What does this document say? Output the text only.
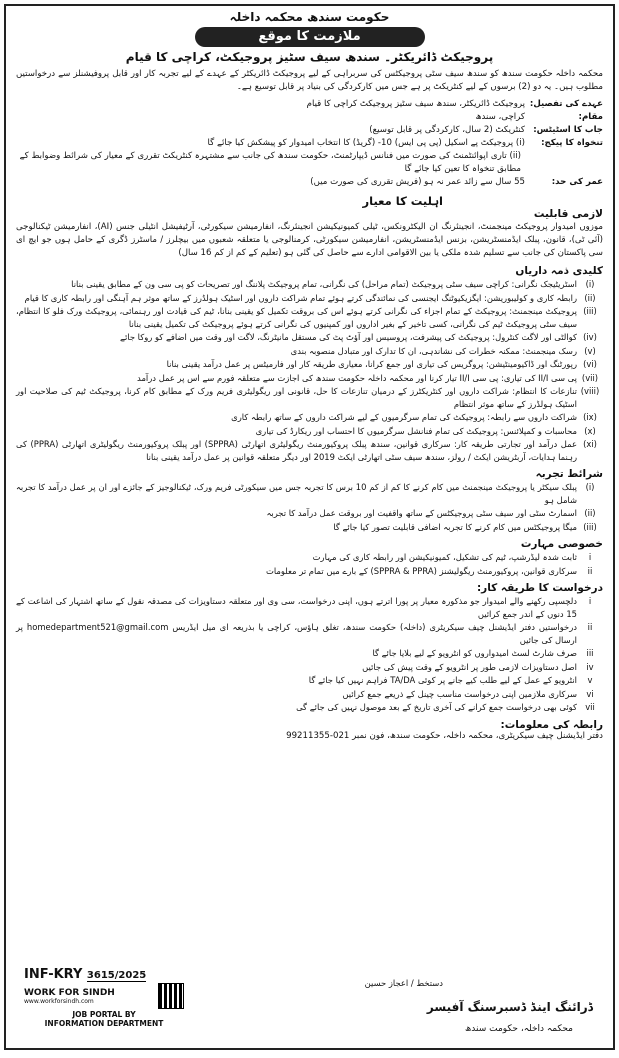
حکومت سندھ محکمہ داخلہ
ملازمت کا موقع
پروجیکٹ ڈائریکٹر۔ سندھ سیف سٹیز پروجیکٹ، کراچی کا قیام
محکمہ داخلہ حکومت سندھ کو سندھ سیف سٹی پروجیکٹس کی سربراہی کے لیے پروجیکٹ ڈائریکٹر کے عہدے کے لیے تجربہ کار اور قابل پروفیشنلز سے درخواستیں مطلوب ہیں۔ یہ دو (2) برسوں کے لیے کنٹریکٹ پر ہے جس میں کارکردگی کی بنیاد پر قابل توسیع ہے۔
عہدے کی تفصیل:
پروجیکٹ ڈائریکٹر، سندھ سیف سٹیز پروجیکٹ کراچی کا قیام
مقام:
کراچی، سندھ
جاب کا اسٹیٹس:
کنٹریکٹ (2 سال، کارکردگی پر قابل توسیع)
تنخواہ کا پیکج:
(i) پروجیکٹ پے اسکیل (پی پی ایس) 10- (گریڈ) کا انتخاب امیدوار کو پیشکش کیا جائے گا
(ii) تاری اپوائنٹمنٹ کی صورت میں فنانس ڈیپارٹمنٹ، حکومت سندھ کی جانب سے مشتہرہ کنٹریکٹ تقرری کے معیار کی شرائط وضوابط کے مطابق تنخواہ کا تعین کیا جائے گا
عمر کی حد:
55 سال سے زائد عمر نہ ہو (فریش تقرری کی صورت میں)
اہلیت کا معیار
لازمی قابلیت
موزوں امیدوار پروجیکٹ مینجمنٹ، انجینئرنگ ان الیکٹرونکس، ٹیلی کمیونیکیشن انجینئرنگ، انفارمیشن سیکورٹی، آرٹیفیشل انٹیلی جنس (AI)، انفارمیشن ٹیکنالوجی (آئی ٹی)، قانون، پبلک ایڈمنسٹریشن، بزنس ایڈمنسٹریشن، انفارمیشن سیکورٹی، کرمنالوجی یا متعلقہ شعبوں میں بیچلرز / ماسٹرز ڈگری کے حامل ہوں جو ایچ ای سی پاکستان کی جانب سے تسلیم شدہ ملکی یا بین الاقوامی ادارے سے حاصل کی گئی ہو (تعلیم کے کم از کم 16 سال)
کلیدی ذمہ داریاں
(i)
اسٹریٹیجک نگرانی: کراچی سیف سٹی پروجیکٹ (تمام مراحل) کی نگرانی، تمام پروجیکٹ پلاننگ اور تصریحات کو پی سی ون کے مطابق یقینی بنانا
(ii)
رابطہ کاری و کولیبوریشن: ایگزیکیوٹنگ ایجنسی کی نمائندگی کرتے ہوئے تمام شراکت داروں اور اسٹیک ہولڈرز کے ساتھ موثر ہم آہنگی اور رابطہ کاری کا قیام
(iii)
پروجیکٹ مینجمنٹ: پروجیکٹ کے تمام اجزاء کی نگرانی کرتے ہوئے اس کی بروقت تکمیل کو یقینی بنانا، ٹیم کی قیادت اور رہنمائی، پروجیکٹ ورک فلو کا انتظام، سیف سٹی پروجیکٹ ٹیم کی نگرانی، کسی تاخیر کے بغیر اداروں اور کمپنیوں کی نگرانی کرتے ہوئے پروجیکٹ کی تکمیل یقینی بنانا
(iv)
کوالٹی اور لاگت کنٹرول: پروجیکٹ کی پیشرفت، پروسیس اور آؤٹ پٹ کی مستقل مانیٹرنگ، لاگت اور وقت میں اضافے کو روکا جائے
(v)
رسک مینجمنٹ: ممکنہ خطرات کی نشاندہی، ان کا تدارک اور متبادل منصوبہ بندی
(vi)
رپورٹنگ اور ڈاکیومینٹیشن: پروگریس کی تیاری اور جمع کرانا، معیاری طریقہ کار اور فارمیٹس پر عمل درآمد یقینی بنانا
(vii)
پی سی II/I کی تیاری: پی سی II/I تیار کرنا اور محکمہ داخلہ حکومت سندھ کی اجازت سے متعلقہ فورم سے اس پر عمل درآمد
(viii)
تنازعات کا انتظام: شراکت داروں اور کنٹریکٹرز کے درمیان تنازعات کا حل، قانونی اور ریگولیٹری فریم ورک کے مطابق کام کرنا، پروجیکٹ ٹیم کی صلاحیت اور اسٹیک ہولڈرز کے ساتھ موثر انتظام
(ix)
شراکت داروں سے رابطہ: پروجیکٹ کی تمام سرگرمیوں کے لیے شراکت داروں کے ساتھ رابطہ کاری
(x)
محاسبات و کمپلائنس: پروجیکٹ کی تمام فنانشل سرگرمیوں کا احتساب اور ریکارڈ کی تیاری
(xi)
عمل درآمد اور تجارتی طریقہ کار: سرکاری قوانین، سندھ پبلک پروکیورمنٹ ریگولیٹری اتھارٹی (SPPRA) اور پبلک پروکیورمنٹ ریگولیٹری اتھارٹی (PPRA) کی رہنما ہدایات، آربٹریشن ایکٹ / رولز، سندھ سیف سٹی اتھارٹی ایکٹ 2019 اور دیگر متعلقہ قوانین پر عمل درآمد یقینی بنانا
شرائط تجربہ
(i)
پبلک سیکٹر یا پروجیکٹ مینجمنٹ میں کام کرنے کا کم از کم 10 برس کا تجربہ جس میں سیکورٹی فریم ورک، ٹیکنالوجیز کے جائزے اور ان پر عمل درآمد کا تجربہ شامل ہو
(ii)
اسمارٹ سٹی اور سیف سٹی پروجیکٹس کے ساتھ واقفیت اور بروقت عمل درآمد کا تجربہ
(iii)
میگا پروجیکٹس میں کام کرنے کا تجربہ اضافی قابلیت تصور کیا جائے گا
خصوصی مہارت
i
ثابت شدہ لیڈرشپ، ٹیم کی تشکیل، کمیونیکیشن اور رابطہ کاری کی مہارت
ii
سرکاری قوانین، پروکیورمنٹ ریگولیشنز (SPPRA & PPRA) کے بارے میں تمام تر معلومات
درخواست کا طریقہ کار:
i
دلچسپی رکھنے والے امیدوار جو مذکورہ معیار پر پورا اترتے ہوں، اپنی درخواست، سی وی اور متعلقہ دستاویزات کی مصدقہ نقول کے ساتھ اشتہار کی اشاعت کے 15 دنوں کے اندر جمع کرائیں
ii
درخواستیں دفتر ایڈیشنل چیف سیکریٹری (داخلہ) حکومت سندھ، تغلق ہاؤس، کراچی یا بذریعہ ای میل ایڈریس homedepartment521@gmail.com پر ارسال کی جائیں
iii
صرف شارٹ لسٹ امیدواروں کو انٹرویو کے لیے بلایا جائے گا
iv
اصل دستاویزات لازمی طور پر انٹرویو کے وقت پیش کی جائیں
v
انٹرویو کے عمل کے لیے طلب کیے جانے پر کوئی TA/DA فراہم نہیں کیا جائے گا
vi
سرکاری ملازمین اپنی درخواست مناسب چینل کے ذریعے جمع کرائیں
vii
کوئی بھی درخواست جمع کرانے کی آخری تاریخ کے بعد موصول نہیں کی جائے گی
رابطہ کی معلومات:
دفتر ایڈیشنل چیف سیکریٹری، محکمہ داخلہ، حکومت سندھ، فون نمبر 021-99211355
دستخط / اعجاز حسین
ڈرائنگ اینڈ ڈسبرسنگ آفیسر
محکمہ داخلہ، حکومت سندھ
INF-KRY 3615/2025
WORK FOR SINDH
www.workforsindh.com
JOB PORTAL BY
INFORMATION DEPARTMENT
